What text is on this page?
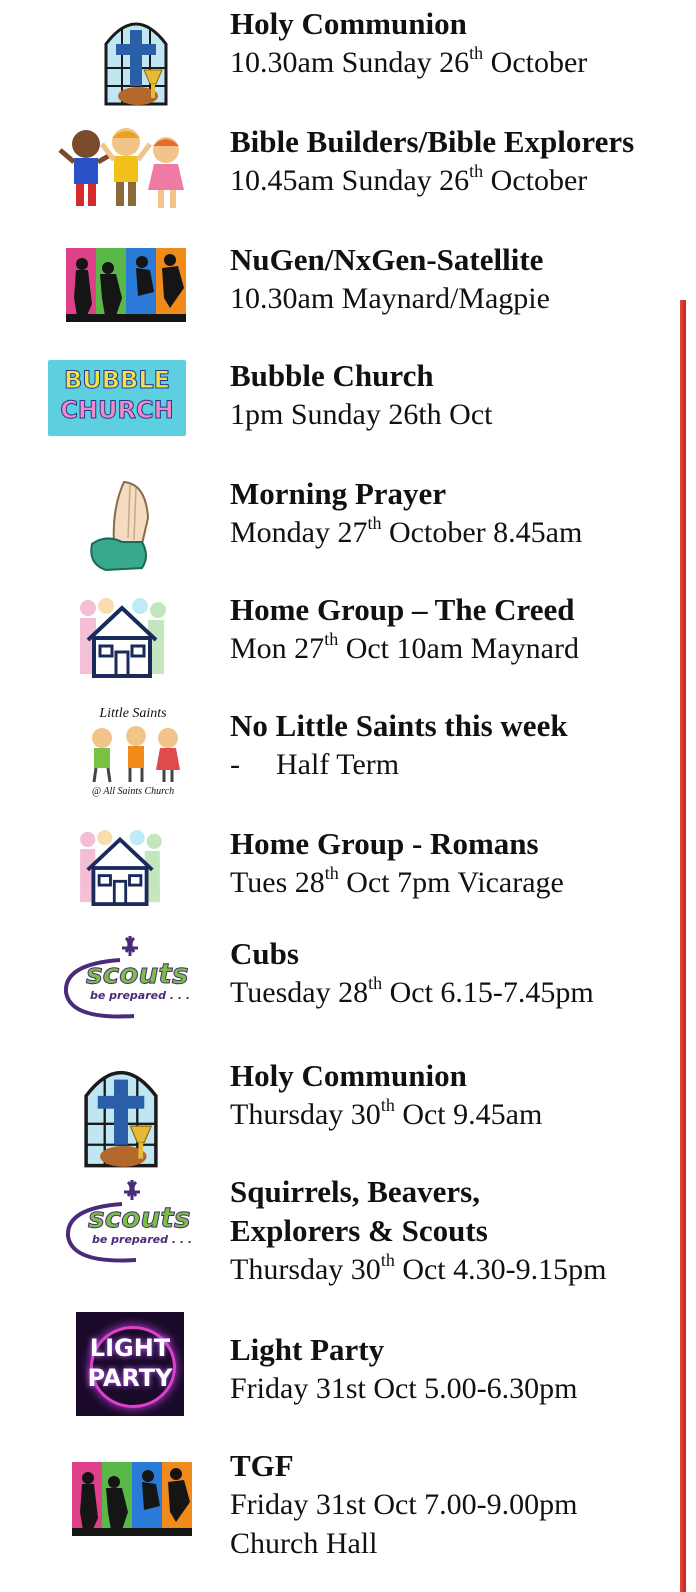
Holy Communion
10.30am Sunday 26th October
Bible Builders/Bible Explorers
10.45am Sunday 26th October
NuGen/NxGen-Satellite
10.30am Maynard/Magpie
BUBBLE
CHURCH
Bubble Church
1pm Sunday 26th Oct
Morning Prayer
Monday 27th October 8.45am
Home Group – The Creed
Mon 27th Oct 10am Maynard
Little Saints
@ All Saints Church
No Little Saints this week
- Half Term
Home Group - Romans
Tues 28th Oct 7pm Vicarage
scouts
be prepared . . .
Cubs
Tuesday 28th Oct 6.15-7.45pm
Holy Communion
Thursday 30th Oct 9.45am
scouts
be prepared . . .
Squirrels, Beavers,
Explorers & Scouts
Thursday 30th Oct 4.30-9.15pm
LIGHT
PARTY
Light Party
Friday 31st Oct 5.00-6.30pm
TGF
Friday 31st Oct 7.00-9.00pm
Church Hall
